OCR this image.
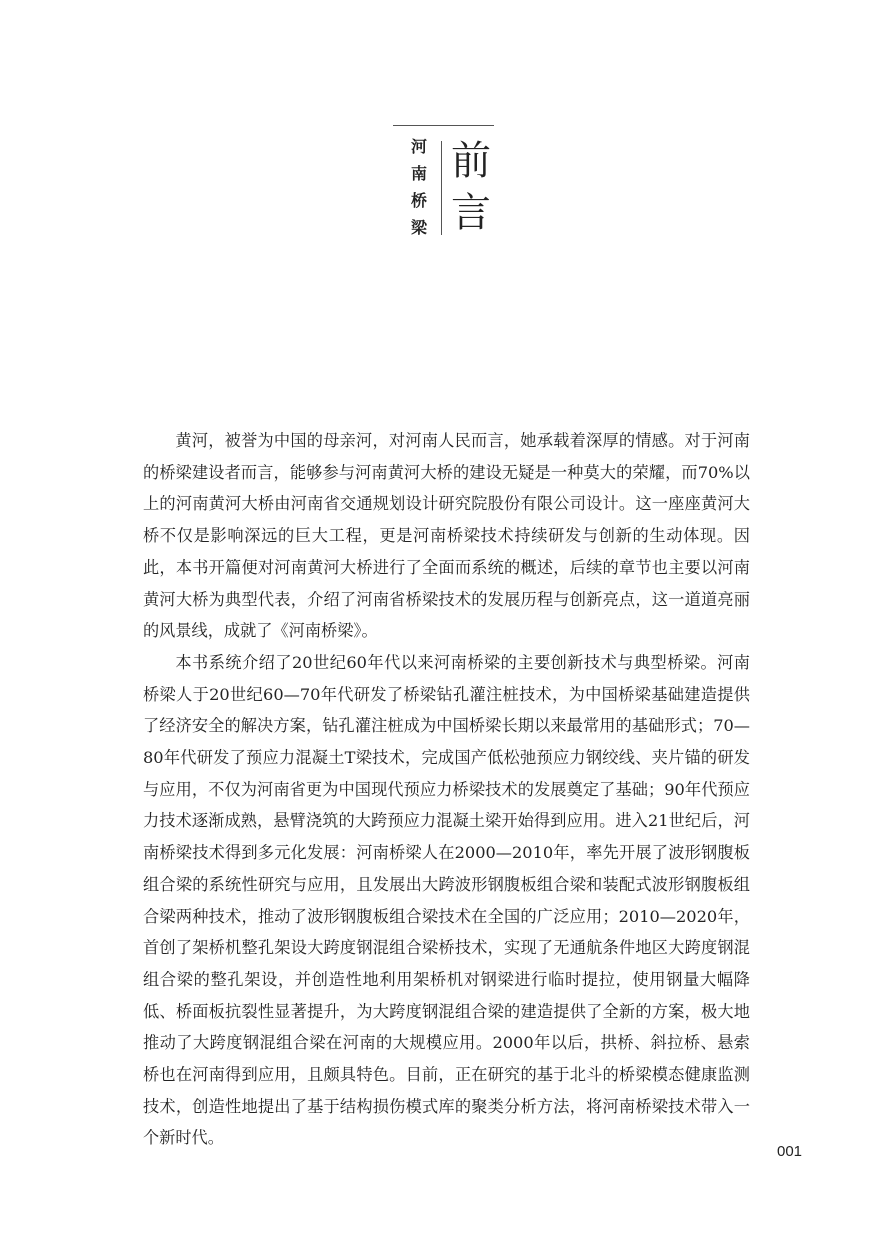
河
南
桥
梁
前
言

黄河，被誉为中国的母亲河，对河南人民而言，她承载着深厚的情感。对于河南的桥梁建设者而言，能够参与河南黄河大桥的建设无疑是一种莫大的荣耀，而70%以上的河南黄河大桥由河南省交通规划设计研究院股份有限公司设计。这一座座黄河大桥不仅是影响深远的巨大工程，更是河南桥梁技术持续研发与创新的生动体现。因此，本书开篇便对河南黄河大桥进行了全面而系统的概述，后续的章节也主要以河南黄河大桥为典型代表，介绍了河南省桥梁技术的发展历程与创新亮点，这一道道亮丽的风景线，成就了《河南桥梁》。

本书系统介绍了20世纪60年代以来河南桥梁的主要创新技术与典型桥梁。河南桥梁人于20世纪60—70年代研发了桥梁钻孔灌注桩技术，为中国桥梁基础建造提供了经济安全的解决方案，钻孔灌注桩成为中国桥梁长期以来最常用的基础形式；70—80年代研发了预应力混凝土T梁技术，完成国产低松弛预应力钢绞线、夹片锚的研发与应用，不仅为河南省更为中国现代预应力桥梁技术的发展奠定了基础；90年代预应力技术逐渐成熟，悬臂浇筑的大跨预应力混凝土梁开始得到应用。进入21世纪后，河南桥梁技术得到多元化发展：河南桥梁人在2000—2010年，率先开展了波形钢腹板组合梁的系统性研究与应用，且发展出大跨波形钢腹板组合梁和装配式波形钢腹板组合梁两种技术，推动了波形钢腹板组合梁技术在全国的广泛应用；2010—2020年，首创了架桥机整孔架设大跨度钢混组合梁桥技术，实现了无通航条件地区大跨度钢混组合梁的整孔架设，并创造性地利用架桥机对钢梁进行临时提拉，使用钢量大幅降低、桥面板抗裂性显著提升，为大跨度钢混组合梁的建造提供了全新的方案，极大地推动了大跨度钢混组合梁在河南的大规模应用。2000年以后，拱桥、斜拉桥、悬索桥也在河南得到应用，且颇具特色。目前，正在研究的基于北斗的桥梁模态健康监测技术，创造性地提出了基于结构损伤模式库的聚类分析方法，将河南桥梁技术带入一个新时代。

001
